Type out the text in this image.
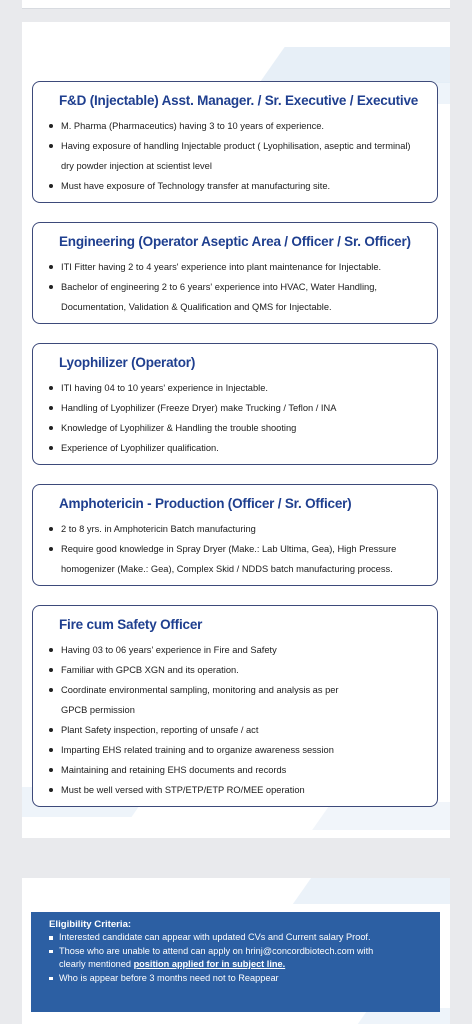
F&D (Injectable) Asst. Manager. / Sr. Executive / Executive
M. Pharma (Pharmaceutics) having 3 to 10 years of experience.
Having exposure of handling Injectable product ( Lyophilisation, aseptic and terminal)
dry powder injection at scientist level
Must have exposure of Technology transfer at manufacturing site.
Engineering (Operator Aseptic Area / Officer / Sr. Officer)
ITI Fitter having 2 to 4 years' experience into plant maintenance for Injectable.
Bachelor of engineering 2 to 6 years' experience into HVAC, Water Handling,
Documentation, Validation & Qualification and QMS for Injectable.
Lyophilizer (Operator)
ITI having 04 to 10 years' experience in Injectable.
Handling of Lyophilizer (Freeze Dryer) make Trucking / Teflon / INA
Knowledge of Lyophilizer & Handling the trouble shooting
Experience of Lyophilizer qualification.
Amphotericin - Production (Officer / Sr. Officer)
2 to 8 yrs. in Amphotericin Batch manufacturing
Require good knowledge in Spray Dryer (Make.: Lab Ultima, Gea), High Pressure
homogenizer (Make.: Gea), Complex Skid / NDDS batch manufacturing process.
Fire cum Safety Officer
Having 03 to 06 years' experience in Fire and Safety
Familiar with GPCB XGN and its operation.
Coordinate environmental sampling, monitoring and analysis as per
GPCB permission
Plant Safety inspection, reporting of unsafe / act
Imparting EHS related training and to organize awareness session
Maintaining and retaining EHS documents and records
Must be well versed with STP/ETP/ETP RO/MEE operation
Eligibility Criteria:
Interested candidate can appear with updated CVs and Current salary Proof.
Those who are unable to attend can apply on hrinj@concordbiotech.com with
clearly mentioned position applied for in subject line.
Who is appear before 3 months need not to Reappear
